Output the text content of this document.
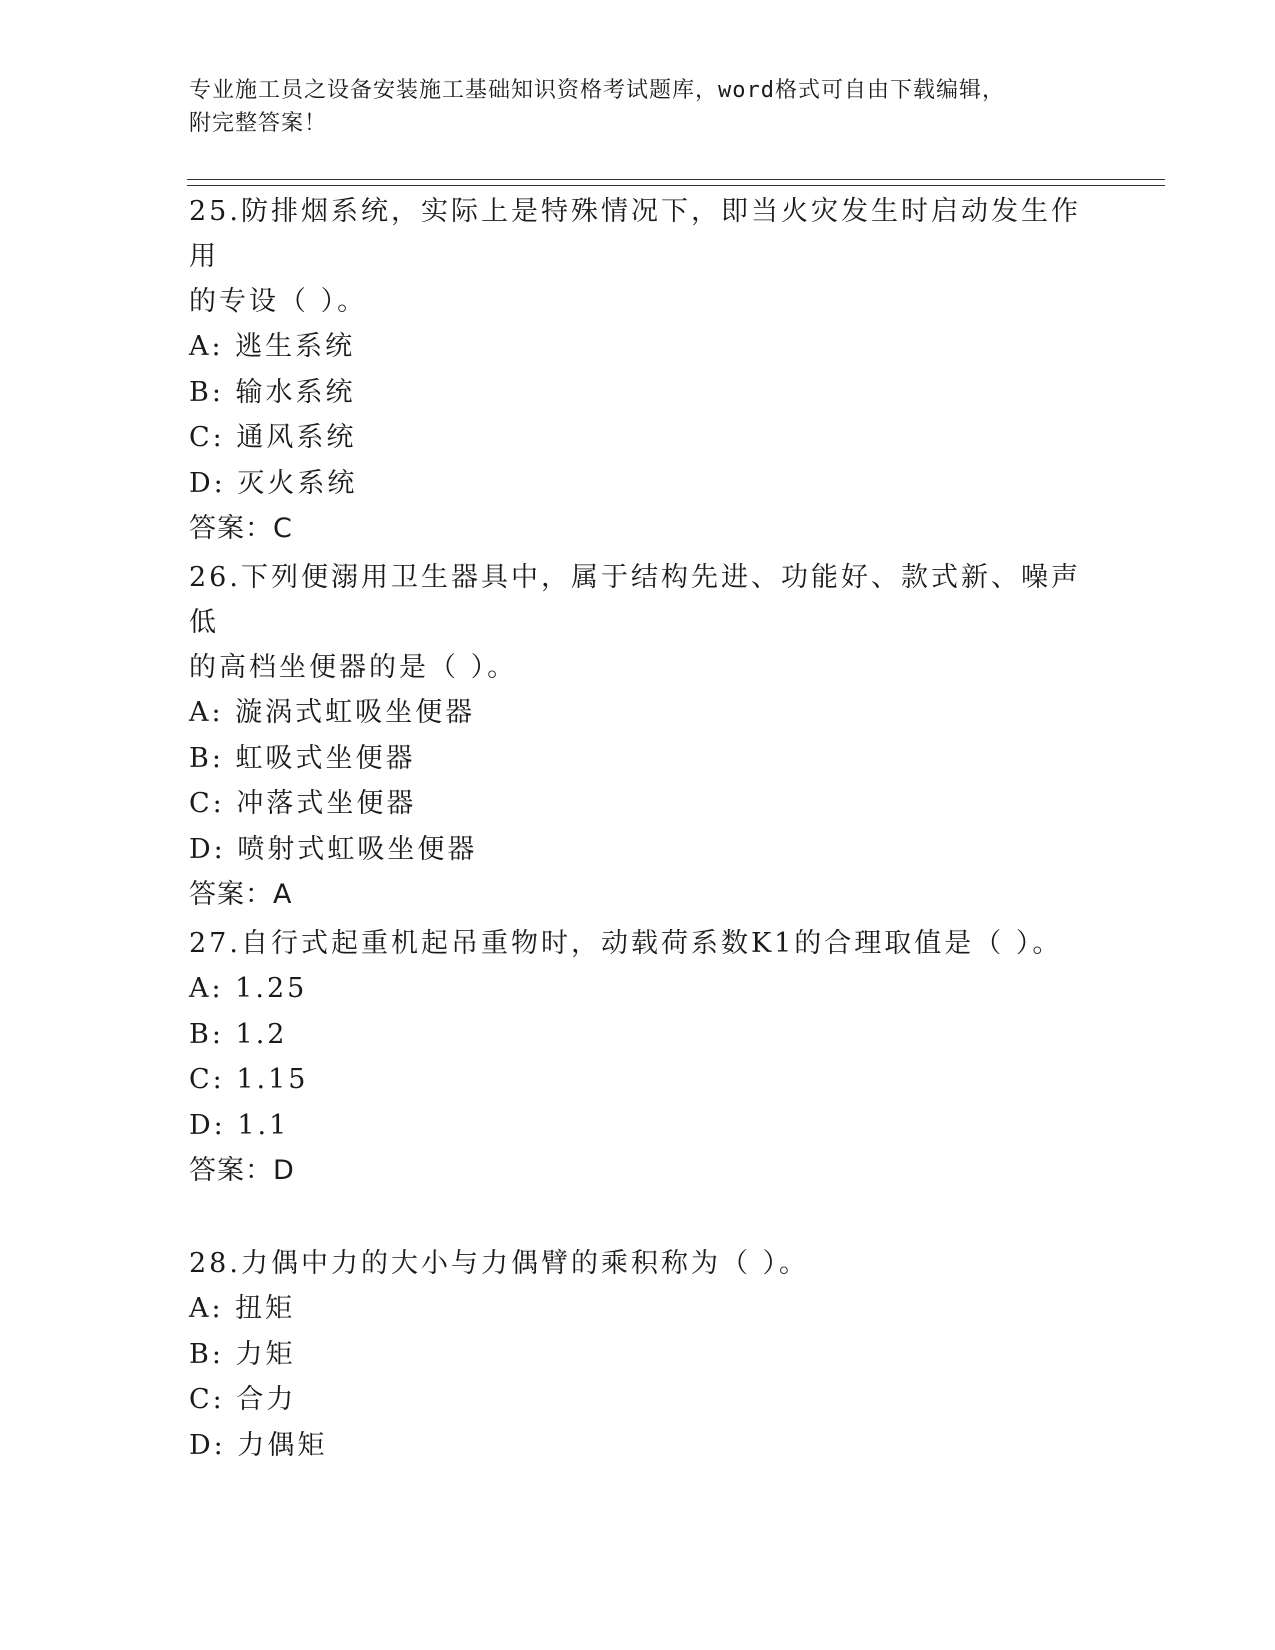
专业施工员之设备安装施工基础知识资格考试题库，word格式可自由下载编辑，
附完整答案！

25.防排烟系统，实际上是特殊情况下，即当火灾发生时启动发生作用

的专设（ ）。

A: 逃生系统

B: 输水系统

C: 通风系统

D: 灭火系统

答案：C

26.下列便溺用卫生器具中，属于结构先进、功能好、款式新、噪声低

的高档坐便器的是（ ）。

A: 漩涡式虹吸坐便器

B: 虹吸式坐便器

C: 冲落式坐便器

D: 喷射式虹吸坐便器

答案：A

27.自行式起重机起吊重物时，动载荷系数K1的合理取值是（ ）。

A: 1.25

B: 1.2

C: 1.15

D: 1.1

答案：D

28.力偶中力的大小与力偶臂的乘积称为（ ）。

A: 扭矩

B: 力矩

C: 合力

D: 力偶矩
